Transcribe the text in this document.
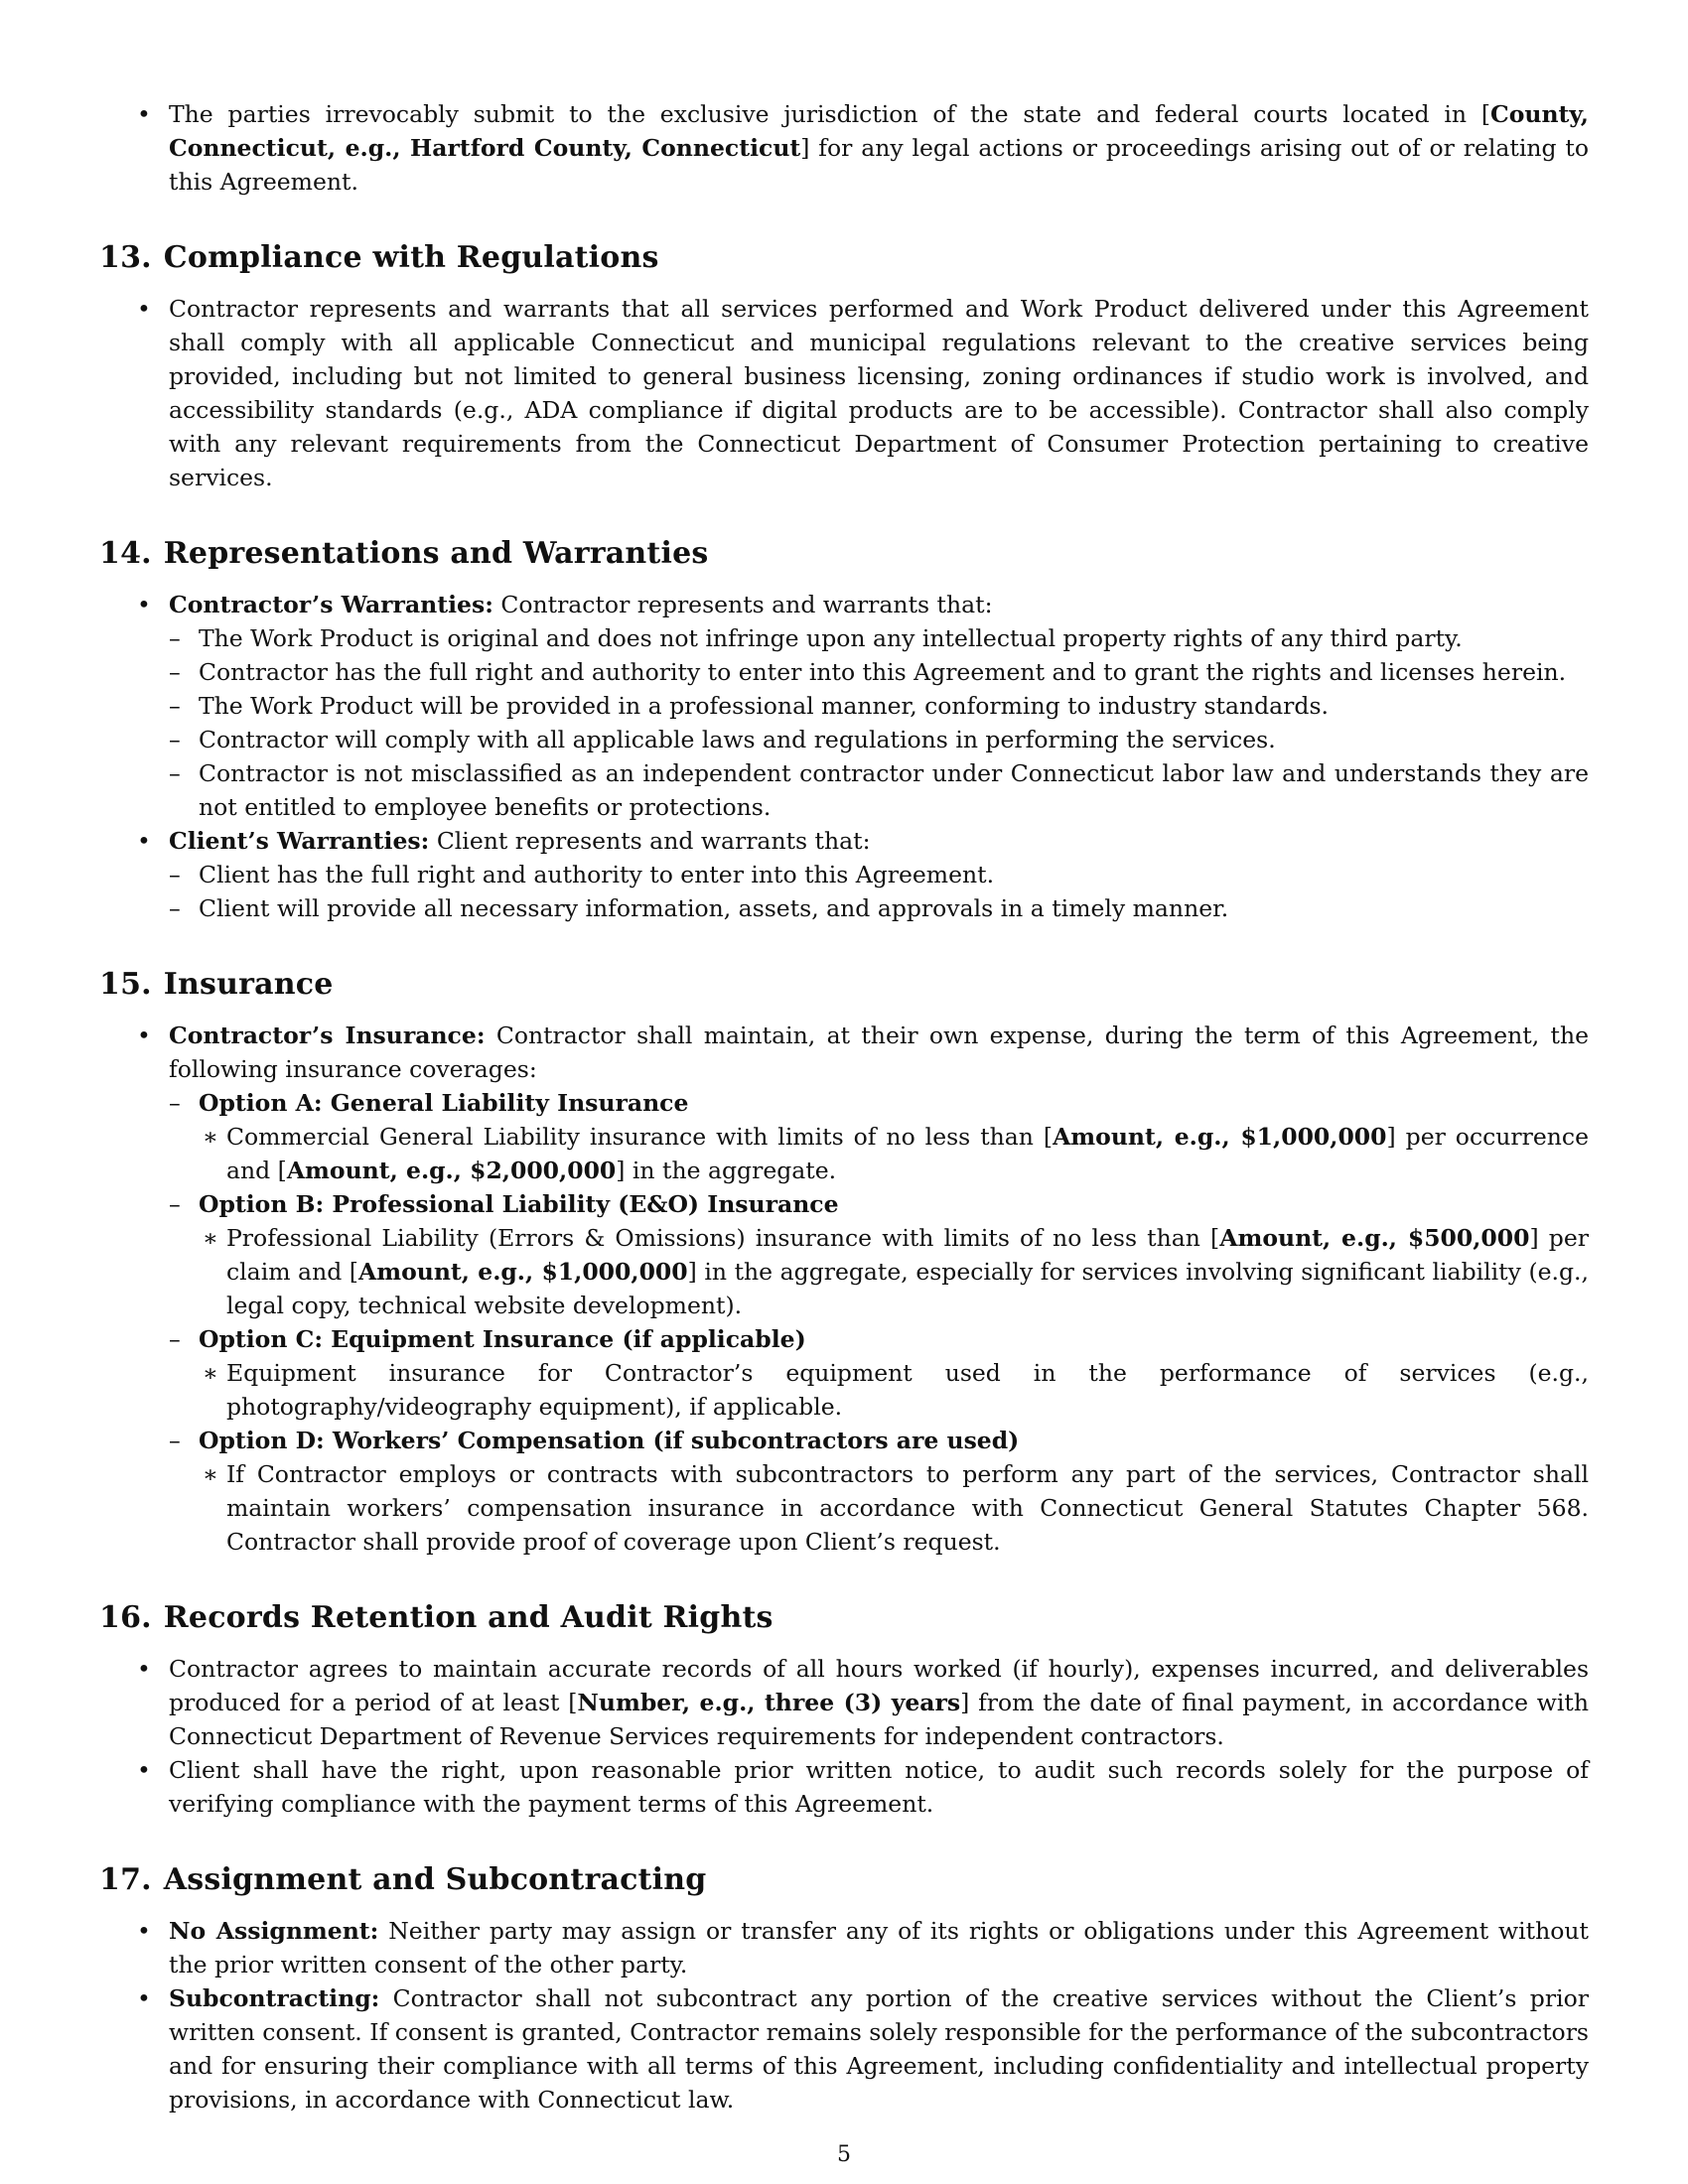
• The parties irrevocably submit to the exclusive jurisdiction of the state and federal courts located in [County, Connecticut, e.g., Hartford County, Connecticut] for any legal actions or proceedings arising out of or relating to this Agreement.
13. Compliance with Regulations
• Contractor represents and warrants that all services performed and Work Product delivered under this Agreement shall comply with all applicable Connecticut and municipal regulations relevant to the creative services being provided, including but not limited to general business licensing, zoning ordinances if studio work is involved, and accessibility standards (e.g., ADA compliance if digital products are to be accessible). Contractor shall also comply with any relevant requirements from the Connecticut Department of Consumer Protection pertaining to creative services.
14. Representations and Warranties
• Contractor’s Warranties: Contractor represents and warrants that:
– The Work Product is original and does not infringe upon any intellectual property rights of any third party.
– Contractor has the full right and authority to enter into this Agreement and to grant the rights and licenses herein.
– The Work Product will be provided in a professional manner, conforming to industry standards.
– Contractor will comply with all applicable laws and regulations in performing the services.
– Contractor is not misclassified as an independent contractor under Connecticut labor law and understands they are not entitled to employee benefits or protections.
• Client’s Warranties: Client represents and warrants that:
– Client has the full right and authority to enter into this Agreement.
– Client will provide all necessary information, assets, and approvals in a timely manner.
15. Insurance
• Contractor’s Insurance: Contractor shall maintain, at their own expense, during the term of this Agreement, the following insurance coverages:
– Option A: General Liability Insurance
∗ Commercial General Liability insurance with limits of no less than [Amount, e.g., $1,000,000] per occurrence and [Amount, e.g., $2,000,000] in the aggregate.
– Option B: Professional Liability (E&O) Insurance
∗ Professional Liability (Errors & Omissions) insurance with limits of no less than [Amount, e.g., $500,000] per claim and [Amount, e.g., $1,000,000] in the aggregate, especially for services involving significant liability (e.g., legal copy, technical website development).
– Option C: Equipment Insurance (if applicable)
∗ Equipment insurance for Contractor’s equipment used in the performance of services (e.g., photography/videography equipment), if applicable.
– Option D: Workers’ Compensation (if subcontractors are used)
∗ If Contractor employs or contracts with subcontractors to perform any part of the services, Contractor shall maintain workers’ compensation insurance in accordance with Connecticut General Statutes Chapter 568. Contractor shall provide proof of coverage upon Client’s request.
16. Records Retention and Audit Rights
• Contractor agrees to maintain accurate records of all hours worked (if hourly), expenses incurred, and deliverables produced for a period of at least [Number, e.g., three (3) years] from the date of final payment, in accordance with Connecticut Department of Revenue Services requirements for independent contractors.
• Client shall have the right, upon reasonable prior written notice, to audit such records solely for the purpose of verifying compliance with the payment terms of this Agreement.
17. Assignment and Subcontracting
• No Assignment: Neither party may assign or transfer any of its rights or obligations under this Agreement without the prior written consent of the other party.
• Subcontracting: Contractor shall not subcontract any portion of the creative services without the Client’s prior written consent. If consent is granted, Contractor remains solely responsible for the performance of the subcontractors and for ensuring their compliance with all terms of this Agreement, including confidentiality and intellectual property provisions, in accordance with Connecticut law.
5
